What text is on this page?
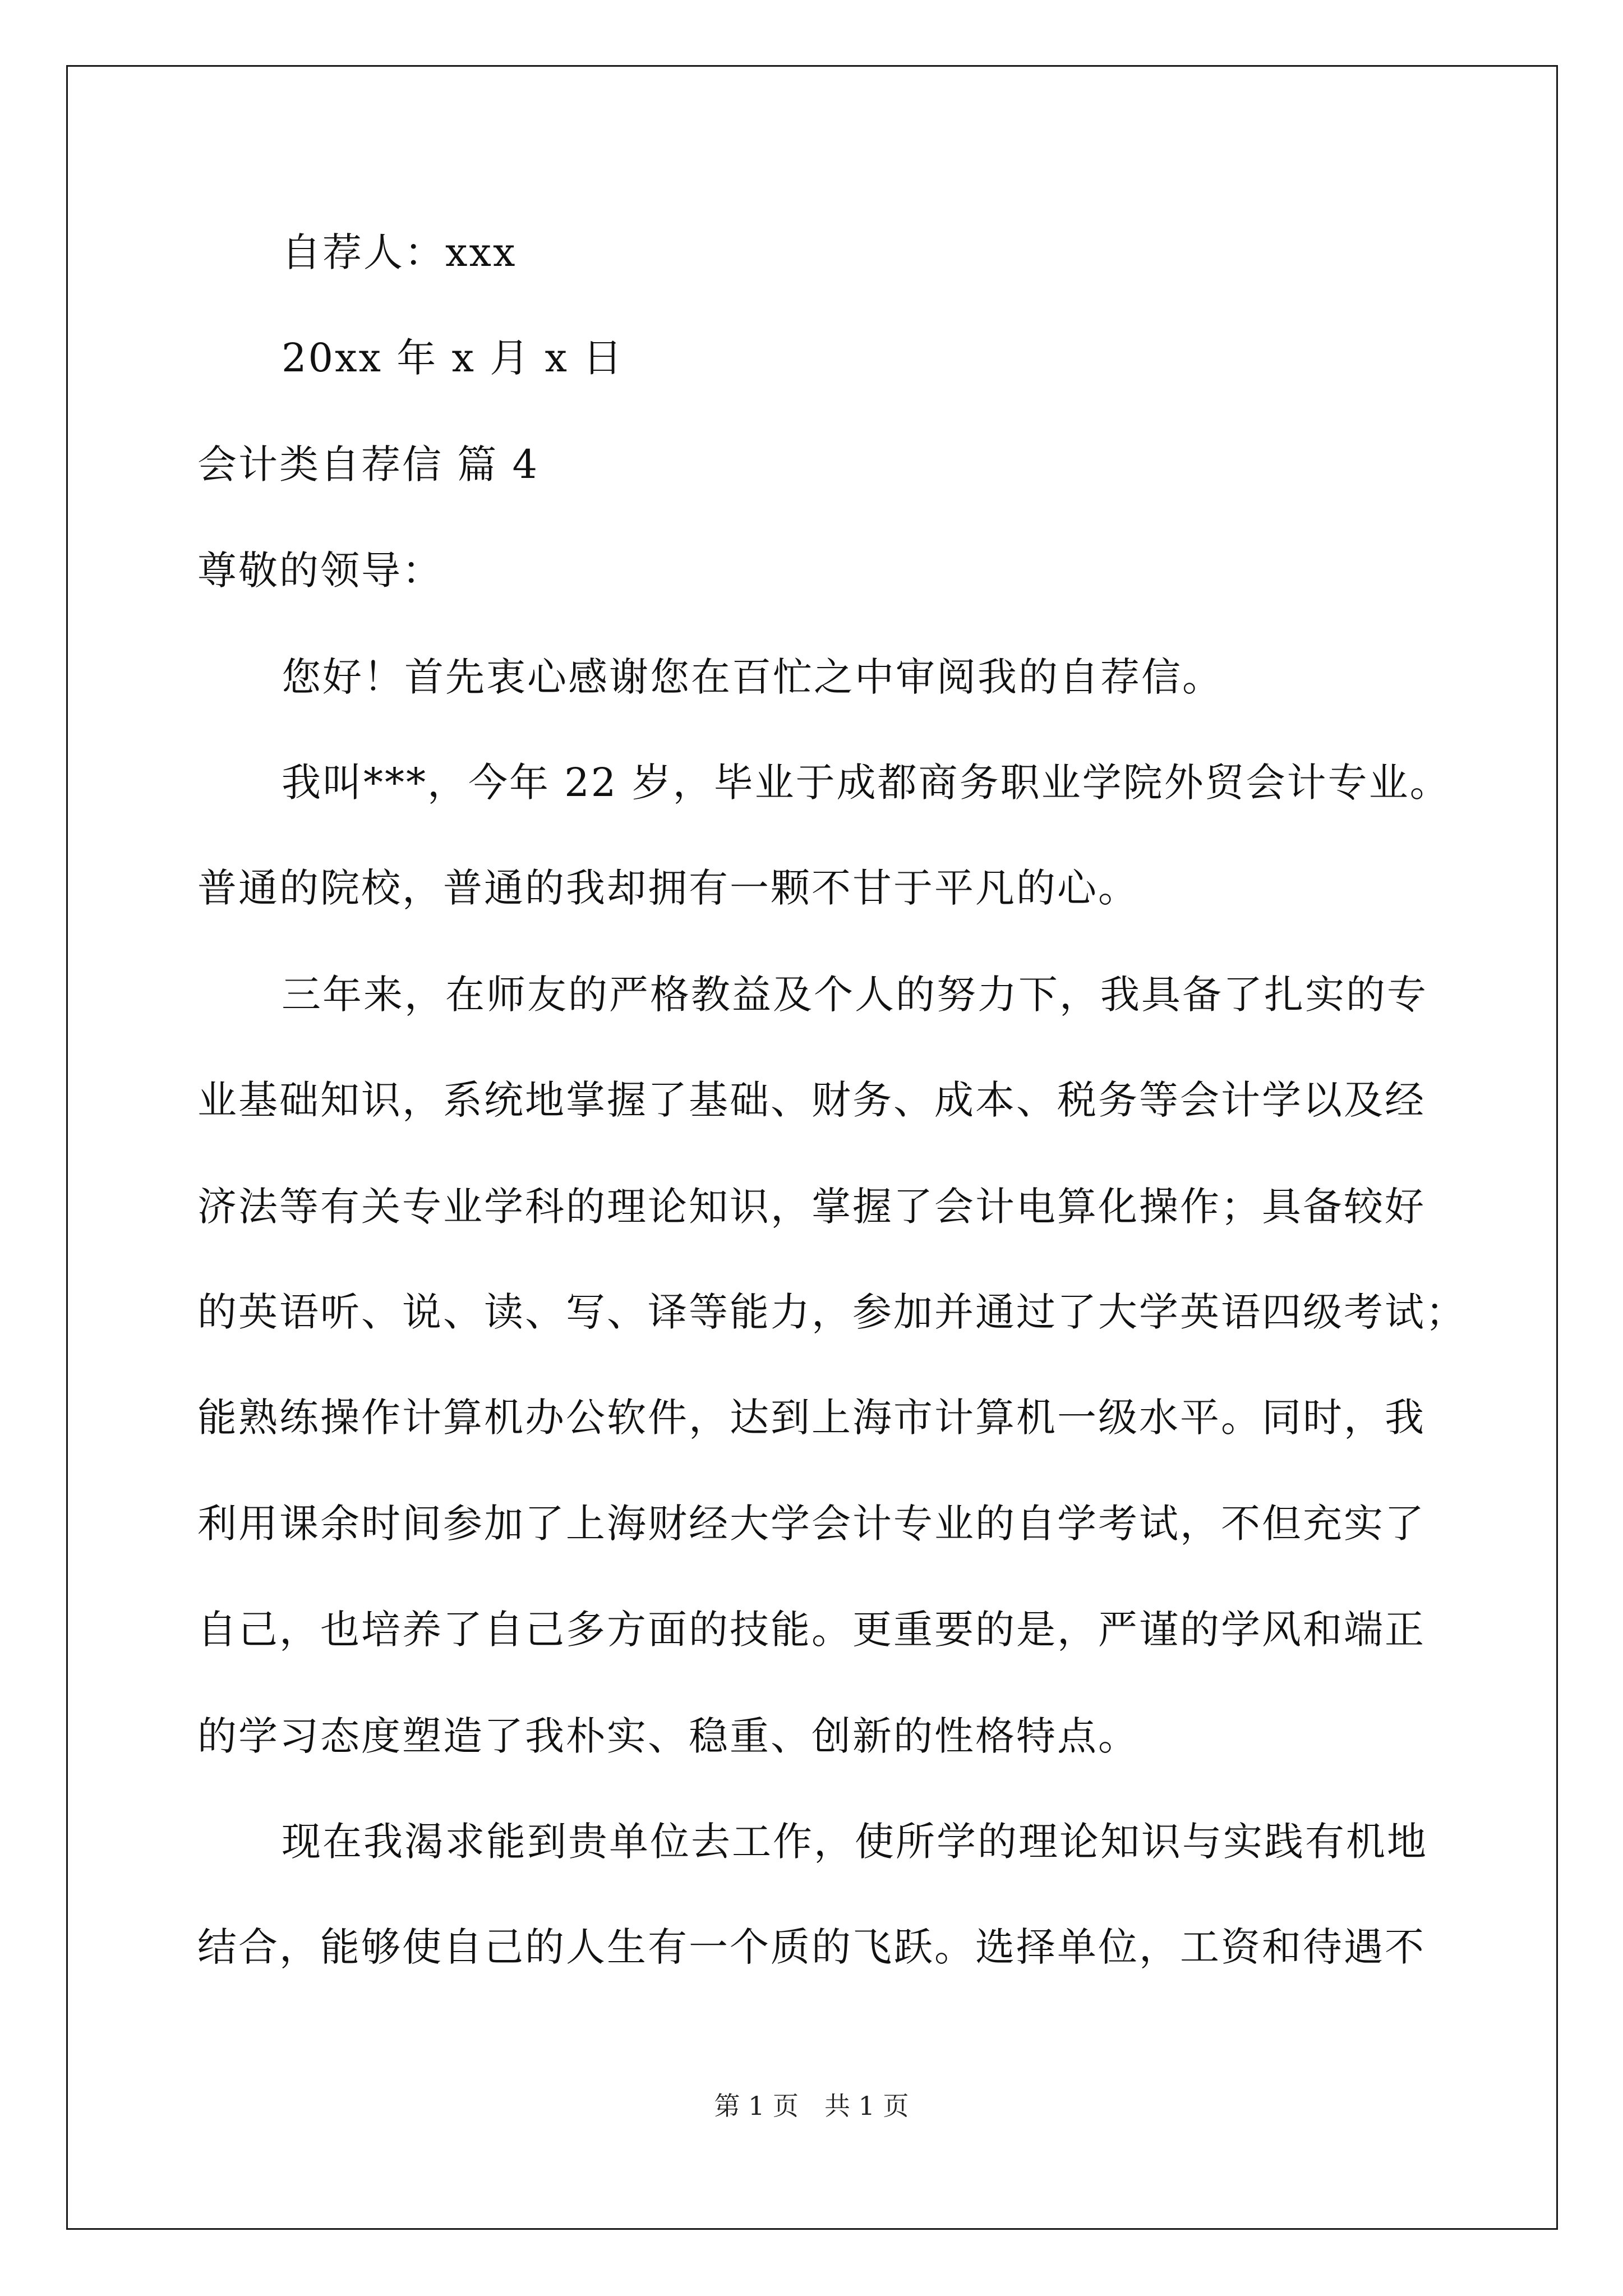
自荐人：xxx
20xx 年 x 月 x 日
会计类自荐信 篇 4
尊敬的领导：
您好！首先衷心感谢您在百忙之中审阅我的自荐信。
我叫***，今年 22 岁，毕业于成都商务职业学院外贸会计专业。
普通的院校，普通的我却拥有一颗不甘于平凡的心。
三年来，在师友的严格教益及个人的努力下，我具备了扎实的专
业基础知识，系统地掌握了基础、财务、成本、税务等会计学以及经
济法等有关专业学科的理论知识，掌握了会计电算化操作；具备较好
的英语听、说、读、写、译等能力，参加并通过了大学英语四级考试；
能熟练操作计算机办公软件，达到上海市计算机一级水平。同时，我
利用课余时间参加了上海财经大学会计专业的自学考试，不但充实了
自己，也培养了自己多方面的技能。更重要的是，严谨的学风和端正
的学习态度塑造了我朴实、稳重、创新的性格特点。
现在我渴求能到贵单位去工作，使所学的理论知识与实践有机地
结合，能够使自己的人生有一个质的飞跃。选择单位，工资和待遇不
第 1 页　共 1 页
